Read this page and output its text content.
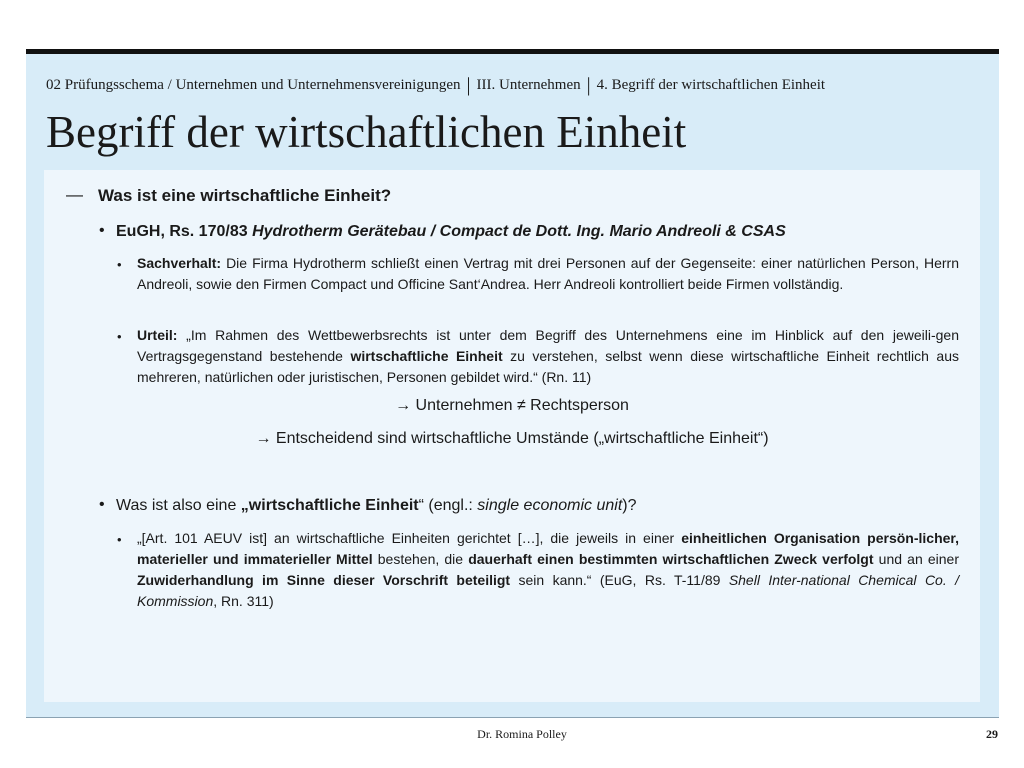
02 Prüfungsschema / Unternehmen und Unternehmensvereinigungen | III. Unternehmen | 4. Begriff der wirtschaftlichen Einheit
Begriff der wirtschaftlichen Einheit
— Was ist eine wirtschaftliche Einheit?
• EuGH, Rs. 170/83 Hydrotherm Gerätebau / Compact de Dott. Ing. Mario Andreoli & CSAS
• Sachverhalt: Die Firma Hydrotherm schließt einen Vertrag mit drei Personen auf der Gegenseite: einer natürlichen Person, Herrn Andreoli, sowie den Firmen Compact und Officine Sant‘Andrea. Herr Andreoli kontrolliert beide Firmen vollständig.

• Urteil: „Im Rahmen des Wettbewerbsrechts ist unter dem Begriff des Unternehmens eine im Hinblick auf den jeweili-gen Vertragsgegenstand bestehende wirtschaftliche Einheit zu verstehen, selbst wenn diese wirtschaftliche Einheit rechtlich aus mehreren, natürlichen oder juristischen, Personen gebildet wird.“ (Rn. 11)

→ Unternehmen ≠ Rechtsperson
→ Entscheidend sind wirtschaftliche Umstände („wirtschaftliche Einheit“)
• Was ist also eine „wirtschaftliche Einheit“ (engl.: single economic unit)?
• „[Art. 101 AEUV ist] an wirtschaftliche Einheiten gerichtet […], die jeweils in einer einheitlichen Organisation persön-licher, materieller und immaterieller Mittel bestehen, die dauerhaft einen bestimmten wirtschaftlichen Zweck verfolgt und an einer Zuwiderhandlung im Sinne dieser Vorschrift beteiligt sein kann.“ (EuG, Rs. T-11/89 Shell Inter-national Chemical Co. / Kommission, Rn. 311)

Dr. Romina Polley	29
